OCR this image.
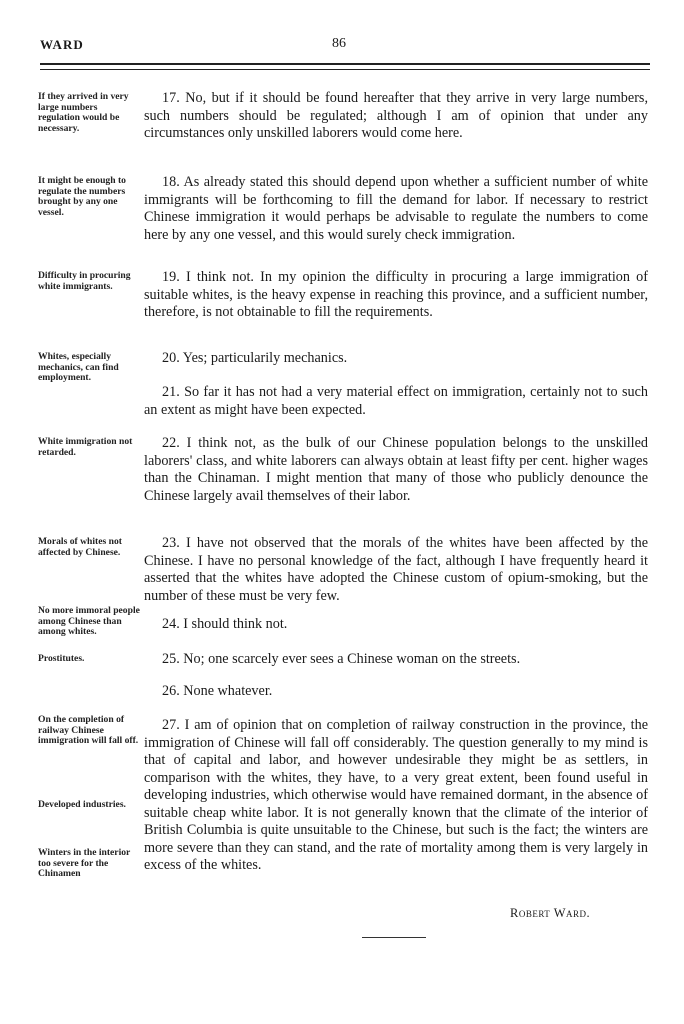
WARD	86
If they arrived in very large numbers regulation would be necessary.
It might be enough to regulate the numbers brought by any one vessel.
Difficulty in procuring white immigrants.
Whites, especially mechanics, can find employment.
White immigration not retarded.
Morals of whites not affected by Chinese.
No more immoral people among Chinese than among whites.
Prostitutes.
On the completion of railway Chinese immigration will fall off.
Developed industries.
Winters in the interior too severe for the Chinamen
17. No, but if it should be found hereafter that they arrive in very large numbers, such numbers should be regulated; although I am of opinion that under any circumstances only unskilled laborers would come here.
18. As already stated this should depend upon whether a sufficient number of white immigrants will be forthcoming to fill the demand for labor. If necessary to restrict Chinese immigration it would perhaps be advisable to regulate the numbers to come here by any one vessel, and this would surely check immigration.
19. I think not. In my opinion the difficulty in procuring a large immigration of suitable whites, is the heavy expense in reaching this province, and a sufficient number, therefore, is not obtainable to fill the requirements.
20. Yes; particularily mechanics.
21. So far it has not had a very material effect on immigration, certainly not to such an extent as might have been expected.
22. I think not, as the bulk of our Chinese population belongs to the unskilled laborers' class, and white laborers can always obtain at least fifty per cent. higher wages than the Chinaman. I might mention that many of those who publicly denounce the Chinese largely avail themselves of their labor.
23. I have not observed that the morals of the whites have been affected by the Chinese. I have no personal knowledge of the fact, although I have frequently heard it asserted that the whites have adopted the Chinese custom of opium-smoking, but the number of these must be very few.
24. I should think not.
25. No; one scarcely ever sees a Chinese woman on the streets.
26. None whatever.
27. I am of opinion that on completion of railway construction in the province, the immigration of Chinese will fall off considerably. The question generally to my mind is that of capital and labor, and however undesirable they might be as settlers, in comparison with the whites, they have, to a very great extent, been found useful in developing industries, which otherwise would have remained dormant, in the absence of suitable cheap white labor. It is not generally known that the climate of the interior of British Columbia is quite unsuitable to the Chinese, but such is the fact; the winters are more severe than they can stand, and the rate of mortality among them is very largely in excess of the whites.
Robert Ward.
